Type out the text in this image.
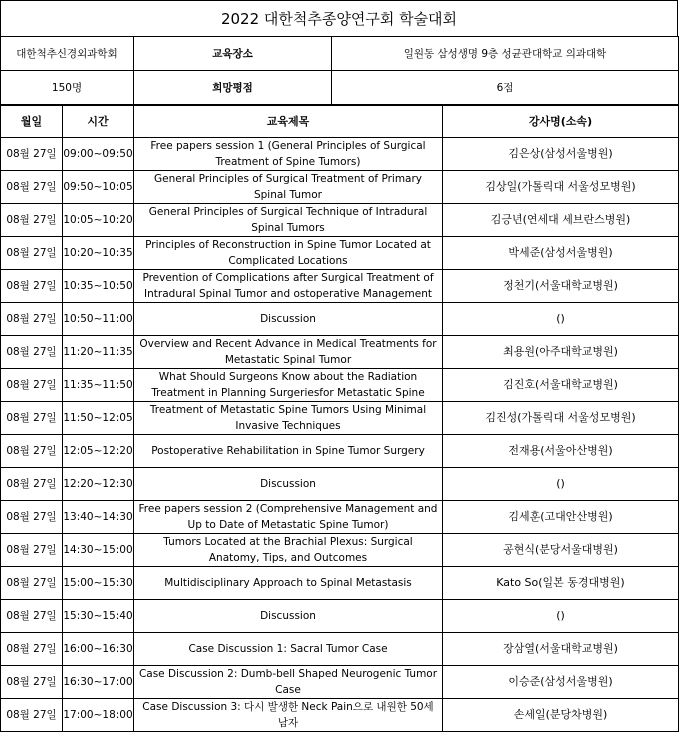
2022 대한척추종양연구회 학술대회
대한척추신경외과학회	교육장소	일원동 삼성생명 9층 성균관대학교 의과대학
150명	희망평점	6점
월일	시간	교육제목	강사명(소속)
08월 27일	09:00~09:50	Free papers session 1 (General Principles of Surgical Treatment of Spine Tumors)	김은상(삼성서울병원)
08월 27일	09:50~10:05	General Principles of Surgical Treatment of Primary Spinal Tumor	김상일(가톨릭대 서울성모병원)
08월 27일	10:05~10:20	General Principles of Surgical Technique of Intradural Spinal Tumors	김긍년(연세대 세브란스병원)
08월 27일	10:20~10:35	Principles of Reconstruction in Spine Tumor Located at Complicated Locations	박세준(삼성서울병원)
08월 27일	10:35~10:50	Prevention of Complications after Surgical Treatment of Intradural Spinal Tumor and ostoperative Management	정천기(서울대학교병원)
08월 27일	10:50~11:00	Discussion	()
08월 27일	11:20~11:35	Overview and Recent Advance in Medical Treatments for Metastatic Spinal Tumor	최용원(아주대학교병원)
08월 27일	11:35~11:50	What Should Surgeons Know about the Radiation Treatment in Planning Surgeriesfor Metastatic Spine	김진호(서울대학교병원)
08월 27일	11:50~12:05	Treatment of Metastatic Spine Tumors Using Minimal Invasive Techniques	김진성(가톨릭대 서울성모병원)
08월 27일	12:05~12:20	Postoperative Rehabilitation in Spine Tumor Surgery	전재용(서울아산병원)
08월 27일	12:20~12:30	Discussion	()
08월 27일	13:40~14:30	Free papers session 2 (Comprehensive Management and Up to Date of Metastatic Spine Tumor)	김세훈(고대안산병원)
08월 27일	14:30~15:00	Tumors Located at the Brachial Plexus: Surgical Anatomy, Tips, and Outcomes	공현식(분당서울대병원)
08월 27일	15:00~15:30	Multidisciplinary Approach to Spinal Metastasis	Kato So(일본 동경대병원)
08월 27일	15:30~15:40	Discussion	()
08월 27일	16:00~16:30	Case Discussion 1: Sacral Tumor Case	장삼열(서울대학교병원)
08월 27일	16:30~17:00	Case Discussion 2: Dumb-bell Shaped Neurogenic Tumor Case	이승준(삼성서울병원)
08월 27일	17:00~18:00	Case Discussion 3: 다시 발생한 Neck Pain으로 내원한 50세 남자	손세일(분당차병원)
